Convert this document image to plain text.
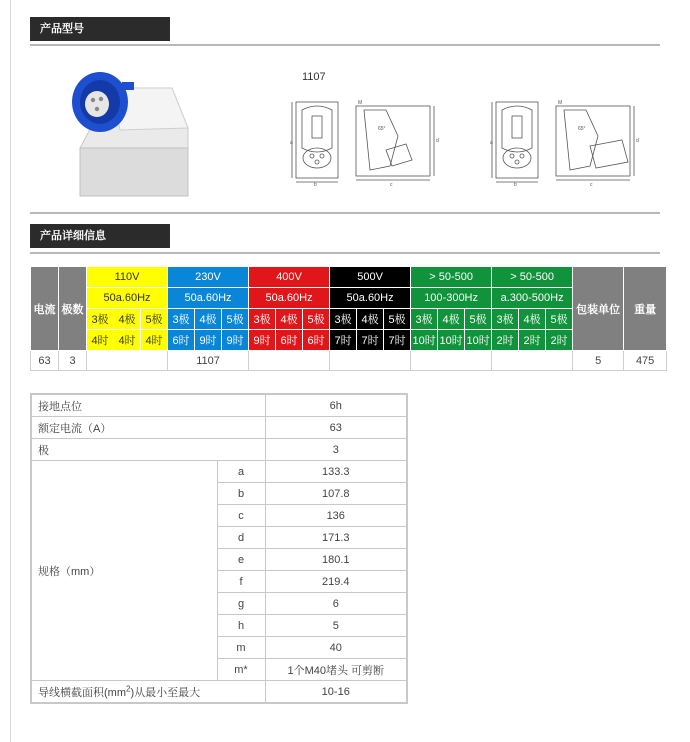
产品型号
1107
a
b	c
d
65°
M
a
b	c
d
65°
M
产品详细信息
电流	极数	110V			230V			400V			500V			> 50-500			> 50-500			包装单位	重量
		50a.60Hz			50a.60Hz			50a.60Hz			50a.60Hz			100-300Hz			a.300-500Hz				
		3极	4极	5极	3极	4极	5极	3极	4极	5极	3极	4极	5极	3极	4极	5极	3极	4极	5极		
		4时	4时	4时	6时	9时	9时	9时	6时	6时	7时	7时	7时	10时	10时	10时	2时	2时	2时		
63	3				1107															5	475
接地点位		6h
额定电流（A）		63
极		3
规格（mm）	a	133.3
	b	107.8
	c	136
	d	171.3
	e	180.1
	f	219.4
	g	6
	h	5
	m	40
	m*	1个M40堵头 可剪断
导线横截面积$(mm^2)$从最小至最大		10-16
